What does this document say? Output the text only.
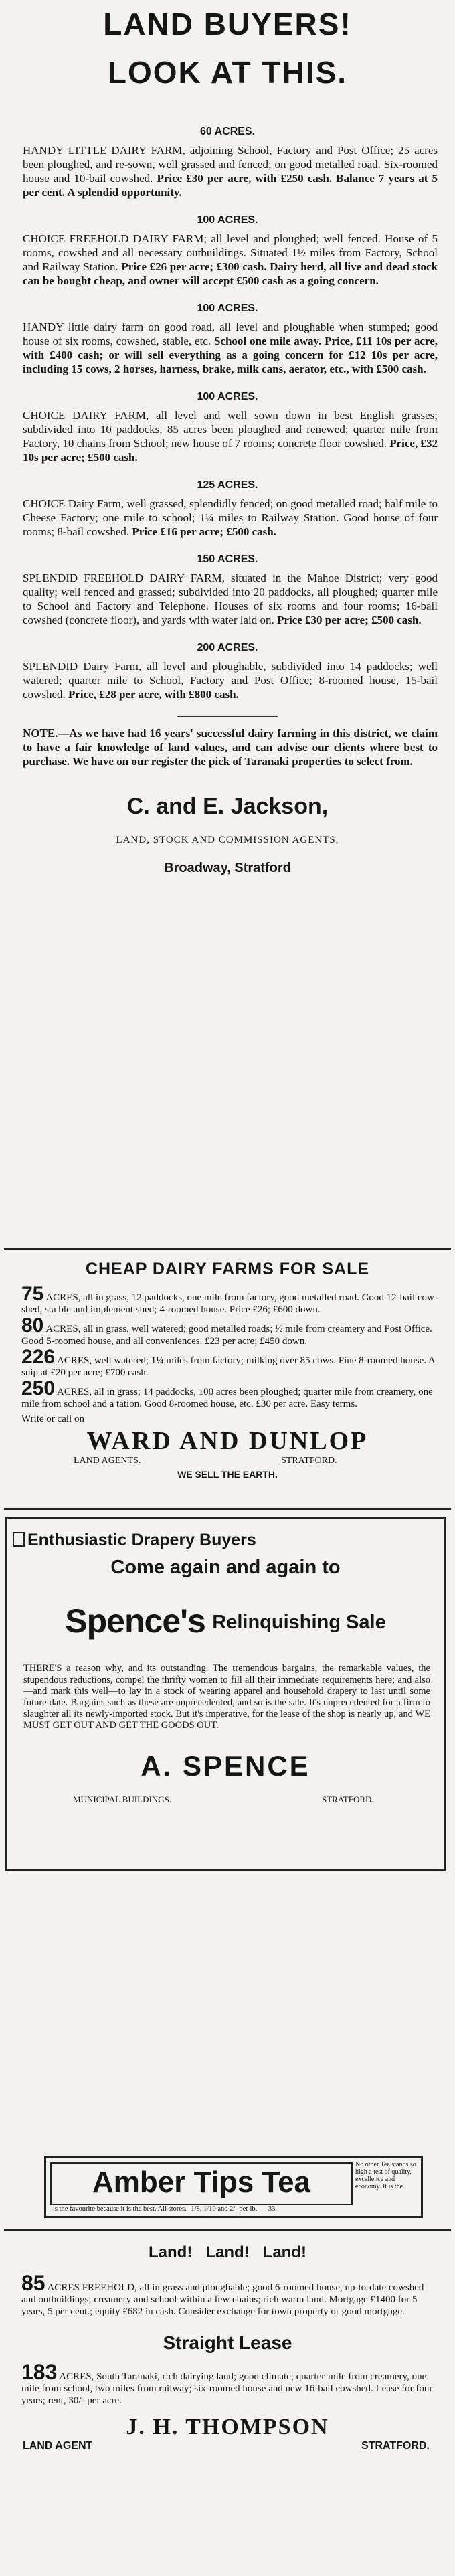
LAND BUYERS!
LOOK AT THIS.
60 ACRES.

HANDY LITTLE DAIRY FARM, adjoining School, Factory and Post Office; 25 acres been ploughed, and re-sown, well grassed and fenced; on good metalled road. Six-roomed house and 10-bail cowshed. Price £30 per acre, with £250 cash. Balance 7 years at 5 per cent. A splendid opportunity.

100 ACRES.

CHOICE FREEHOLD DAIRY FARM; all level and ploughed; well fenced. House of 5 rooms, cowshed and all necessary outbuildings. Situated 1½ miles from Factory, School and Railway Station. Price £26 per acre; £300 cash. Dairy herd, all live and dead stock can be bought cheap, and owner will accept £500 cash as a going concern.

100 ACRES.

HANDY little dairy farm on good road, all level and ploughable when stumped; good house of six rooms, cowshed, stable, etc. School one mile away. Price, £11 10s per acre, with £400 cash; or will sell everything as a going concern for £12 10s per acre, including 15 cows, 2 horses, harness, brake, milk cans, aerator, etc., with £500 cash.

100 ACRES.

CHOICE DAIRY FARM, all level and well sown down in best English grasses; subdivided into 10 paddocks, 85 acres been ploughed and renewed; quarter mile from Factory, 10 chains from School; new house of 7 rooms; concrete floor cowshed. Price, £32 10s per acre; £500 cash.

125 ACRES.

CHOICE Dairy Farm, well grassed, splendidly fenced; on good metalled road; half mile to Cheese Factory; one mile to school; 1¼ miles to Railway Station. Good house of four rooms; 8-bail cowshed. Price £16 per acre; £500 cash.

150 ACRES.

SPLENDID FREEHOLD DAIRY FARM, situated in the Mahoe District; very good quality; well fenced and grassed; subdivided into 20 paddocks, all ploughed; quarter mile to School and Factory and Telephone. Houses of six rooms and four rooms; 16-bail cowshed (concrete floor), and yards with water laid on. Price £30 per acre; £500 cash.

200 ACRES.

SPLENDID Dairy Farm, all level and ploughable, subdivided into 14 paddocks; well watered; quarter mile to School, Factory and Post Office; 8-roomed house, 15-bail cowshed. Price, £28 per acre, with £800 cash.

NOTE.—As we have had 16 years' successful dairy farming in this district, we claim to have a fair knowledge of land values, and can advise our clients where best to purchase. We have on our register the pick of Taranaki properties to select from.

C. and E. Jackson,
LAND, STOCK AND COMMISSION AGENTS,
Broadway, Stratford
CHEAP DAIRY FARMS FOR SALE
75 ACRES, all in grass, 12 paddocks, one mile from factory, good metalled road. Good 12-bail cow-shed, sta ble and implement shed; 4-roomed house. Price £26; £600 down.
80 ACRES, all in grass, well watered; good metalled roads; ½ mile from creamery and Post Office. Good 5-roomed house, and all conveniences. £23 per acre; £450 down.
226 ACRES, well watered; 1¼ miles from factory; milking over 85 cows. Fine 8-roomed house. A snip at £20 per acre; £700 cash.
250 ACRES, all in grass; 14 paddocks, 100 acres been ploughed; quarter mile from creamery, one mile from school and a tation. Good 8-roomed house, etc. £30 per acre. Easy terms.
Write or call on
WARD AND DUNLOP
LAND AGENTS.	STRATFORD.
WE SELL THE EARTH.
Enthusiastic Drapery Buyers
Come again and again to
Spence's Relinquishing Sale

THERE'S a reason why, and its outstanding. The tremendous bargains, the remarkable values, the stupendous reductions, compel the thrifty women to fill all their immediate requirements here; and also—and mark this well—to lay in a stock of wearing apparel and household drapery to last until some future date. Bargains such as these are unprecedented, and so is the sale. It's unprecedented for a firm to slaughter all its newly-imported stock. But it's imperative, for the lease of the shop is nearly up, and WE MUST GET OUT AND GET THE GOODS OUT.

A. SPENCE
MUNICIPAL BUILDINGS.	STRATFORD.
Amber Tips Tea
No other Tea stands so high a test of quality, excellence and economy. It is the
is the favourite because it is the best. All stores. 1/8, 1/10 and 2/- per lb. 33
Land!   Land!   Land!
85 ACRES FREEHOLD, all in grass and ploughable; good 6-roomed house, up-to-date cowshed and outbuildings; creamery and school within a few chains; rich warm land. Mortgage £1400 for 5 years, 5 per cent.; equity £682 in cash. Consider exchange for town property or good mortgage.
Straight Lease
183 ACRES, South Taranaki, rich dairying land; good climate; quarter-mile from creamery, one mile from school, two miles from railway; six-roomed house and new 16-bail cowshed. Lease for four years; rent, 30/- per acre.
J. H. THOMPSON
LAND AGENT	STRATFORD.
